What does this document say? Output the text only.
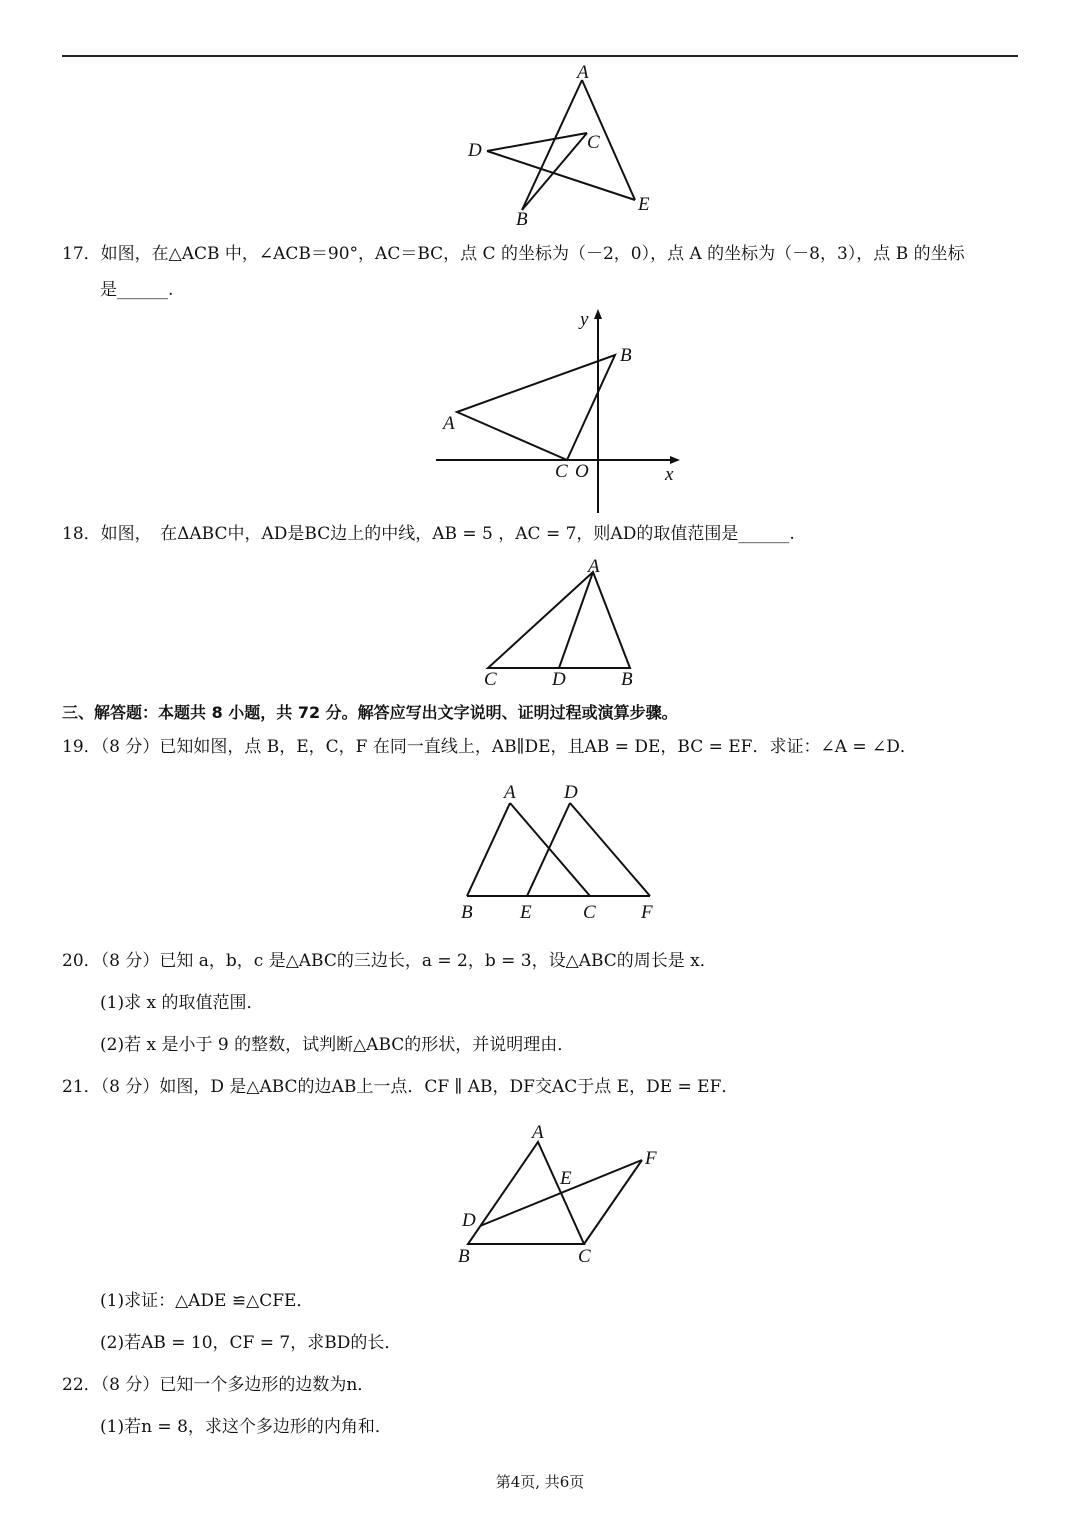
A
D	C
E
B
17．如图，在△ACB 中，∠ACB＝90°，AC＝BC，点 C 的坐标为（－2，0），点 A 的坐标为（－8，3），点 B 的坐标
是______.
y
x
A
B
C O
18．如图，　在ΔABC中，AD是BC边上的中线，AB = 5 ，AC = 7，则AD的取值范围是______.
A
C	D	B
三、解答题：本题共 8 小题，共 72 分。解答应写出文字说明、证明过程或演算步骤。
19．（8 分）已知如图，点 B，E，C，F 在同一直线上，AB∥DE，且AB = DE，BC = EF．求证：∠A = ∠D．
A	D
B E	C F
20．（8 分）已知 a，b，c 是△ABC的三边长，a = 2，b = 3，设△ABC的周长是 x．
(1)求 x 的取值范围．
(2)若 x 是小于 9 的整数，试判断△ABC的形状，并说明理由．
21．（8 分）如图，D 是△ABC的边AB上一点．CF ∥ AB，DF交AC于点 E，DE = EF．
A
E
F
D
B	C
(1)求证：△ADE ≌△CFE．
(2)若AB = 10，CF = 7，求BD的长．
22．（8 分）已知一个多边形的边数为n．
(1)若n = 8，求这个多边形的内角和．
第4页, 共6页
